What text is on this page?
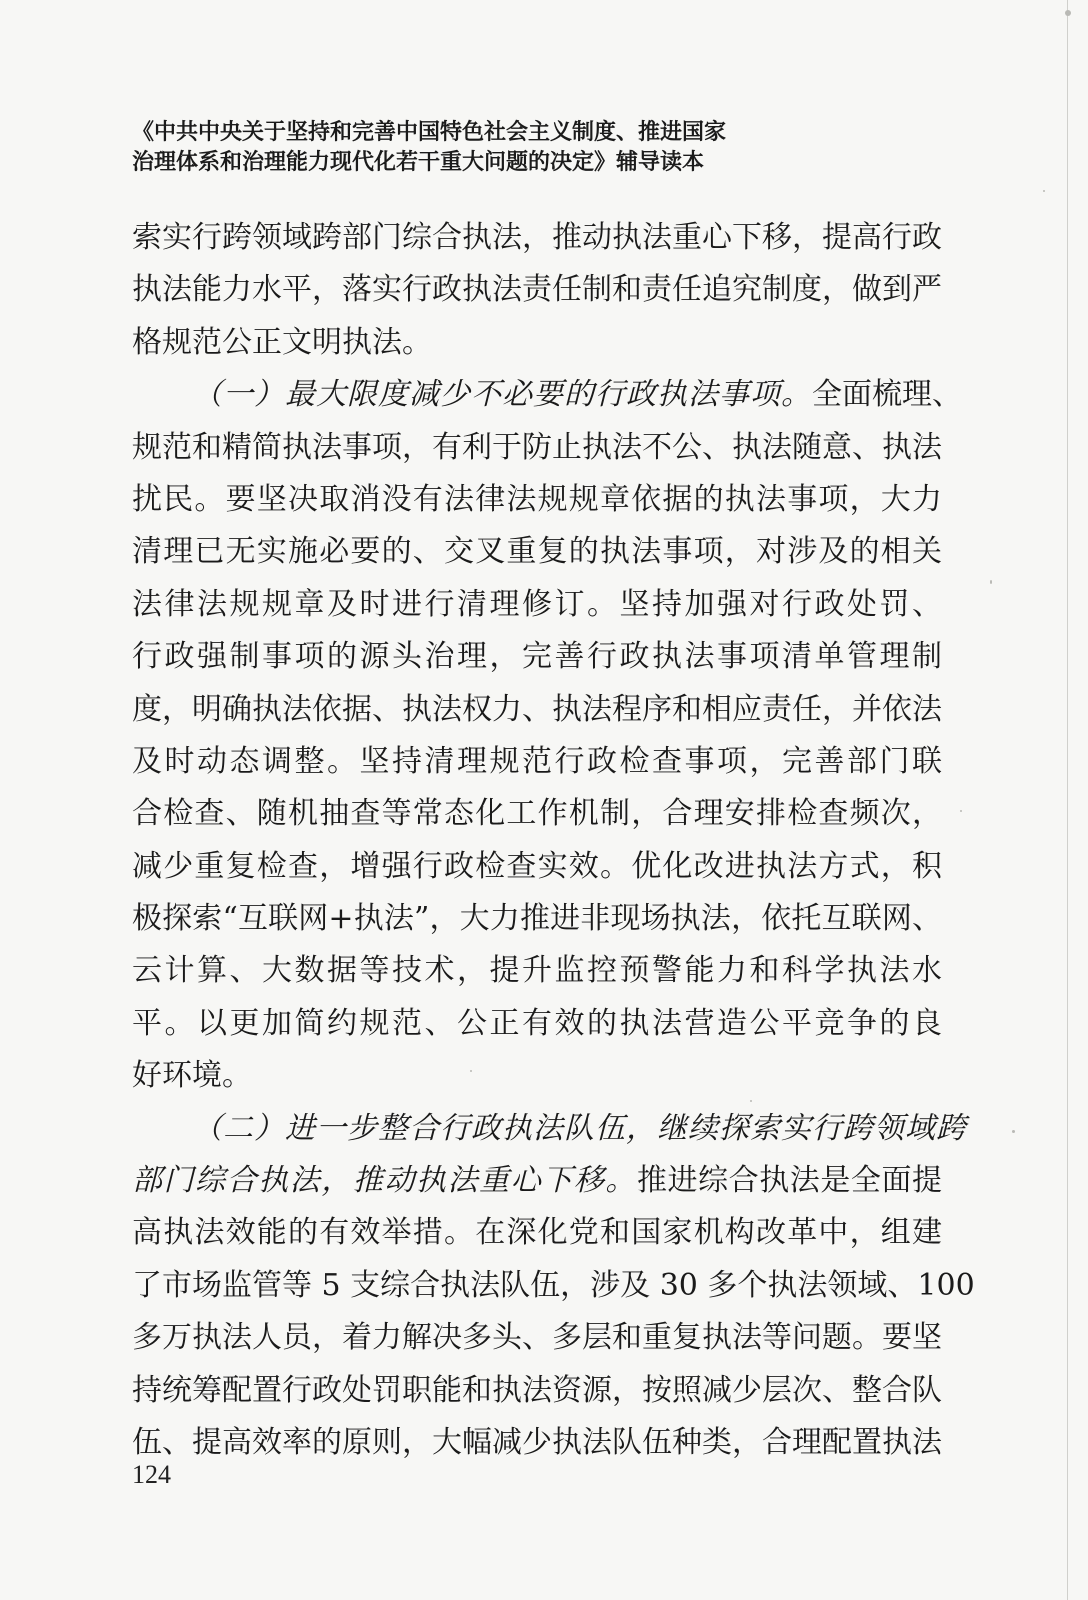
《中共中央关于坚持和完善中国特色社会主义制度、推进国家
治理体系和治理能力现代化若干重大问题的决定》辅导读本
索实行跨领域跨部门综合执法，推动执法重心下移，提高行政
执法能力水平，落实行政执法责任制和责任追究制度，做到严
格规范公正文明执法。
（一）最大限度减少不必要的行政执法事项。全面梳理、
规范和精简执法事项，有利于防止执法不公、执法随意、执法
扰民。要坚决取消没有法律法规规章依据的执法事项，大力
清理已无实施必要的、交叉重复的执法事项，对涉及的相关
法律法规规章及时进行清理修订。坚持加强对行政处罚、
行政强制事项的源头治理，完善行政执法事项清单管理制
度，明确执法依据、执法权力、执法程序和相应责任，并依法
及时动态调整。坚持清理规范行政检查事项，完善部门联
合检查、随机抽查等常态化工作机制，合理安排检查频次，
减少重复检查，增强行政检查实效。优化改进执法方式，积
极探索“互联网+执法”，大力推进非现场执法，依托互联网、
云计算、大数据等技术，提升监控预警能力和科学执法水
平。以更加简约规范、公正有效的执法营造公平竞争的良
好环境。
（二）进一步整合行政执法队伍，继续探索实行跨领域跨
部门综合执法，推动执法重心下移。推进综合执法是全面提
高执法效能的有效举措。在深化党和国家机构改革中，组建
了市场监管等 5 支综合执法队伍，涉及 30 多个执法领域、100
多万执法人员，着力解决多头、多层和重复执法等问题。要坚
持统筹配置行政处罚职能和执法资源，按照减少层次、整合队
伍、提高效率的原则，大幅减少执法队伍种类，合理配置执法
124
